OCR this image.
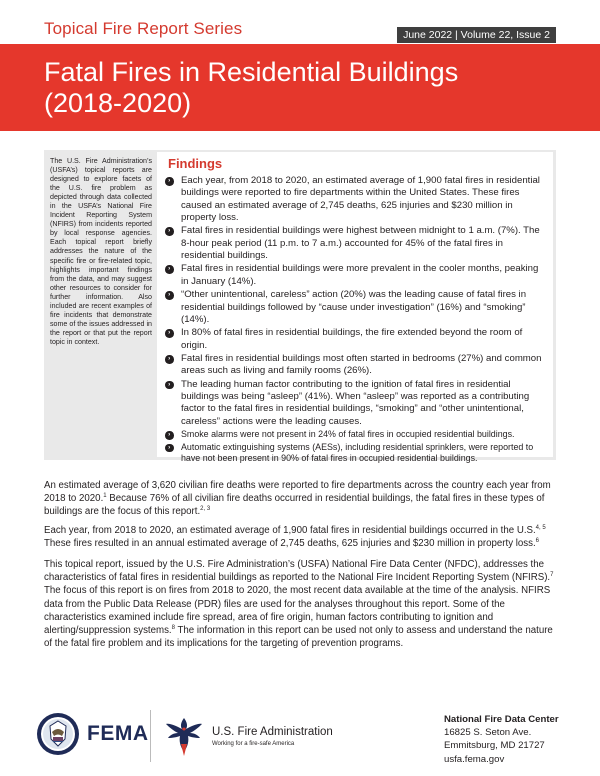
Topical Fire Report Series	June 2022 | Volume 22, Issue 2
Fatal Fires in Residential Buildings
(2018-2020)
The U.S. Fire Administration’s (USFA’s) topical reports are designed to explore facets of the U.S. fire problem as depicted through data collected in the USFA’s National Fire Incident Reporting System (NFIRS) from incidents reported by local response agencies. Each topical report briefly addresses the nature of the specific fire or fire-related topic, highlights important findings from the data, and may suggest other resources to consider for further information. Also included are recent examples of fire incidents that demonstrate some of the issues addressed in the report or that put the report topic in context.
Findings
›	Each year, from 2018 to 2020, an estimated average of 1,900 fatal fires in residential buildings were reported to fire departments within the United States. These fires caused an estimated average of 2,745 deaths, 625 injuries and $230 million in property loss.
›	Fatal fires in residential buildings were highest between midnight to 1 a.m. (7%). The 8-hour peak period (11 p.m. to 7 a.m.) accounted for 45% of the fatal fires in residential buildings.
›	Fatal fires in residential buildings were more prevalent in the cooler months, peaking in January (14%).
›	“Other unintentional, careless” action (20%) was the leading cause of fatal fires in residential buildings followed by “cause under investigation” (16%) and “smoking” (14%).
›	In 80% of fatal fires in residential buildings, the fire extended beyond the room of origin.
›	Fatal fires in residential buildings most often started in bedrooms (27%) and common areas such as living and family rooms (26%).
›	The leading human factor contributing to the ignition of fatal fires in residential buildings was being “asleep” (41%). When “asleep” was reported as a contributing factor to the fatal fires in residential buildings, “smoking” and “other unintentional, careless” actions were the leading causes.
›	Smoke alarms were not present in 24% of fatal fires in occupied residential buildings.
›	Automatic extinguishing systems (AESs), including residential sprinklers, were reported to have not been present in 90% of fatal fires in occupied residential buildings.

An estimated average of 3,620 civilian fire deaths were reported to fire departments across the country each year from 2018 to 2020.$^1$ Because 76% of all civilian fire deaths occurred in residential buildings, the fatal fires in these types of buildings are the focus of this report.$^{2, 3}$

Each year, from 2018 to 2020, an estimated average of 1,900 fatal fires in residential buildings occurred in the U.S.$^{4, 5}$ These fires resulted in an annual estimated average of 2,745 deaths, 625 injuries and $230 million in property loss.$^6$

This topical report, issued by the U.S. Fire Administration’s (USFA) National Fire Data Center (NFDC), addresses the characteristics of fatal fires in residential buildings as reported to the National Fire Incident Reporting System (NFIRS).$^7$ The focus of this report is on fires from 2018 to 2020, the most recent data available at the time of the analysis. NFIRS data from the Public Data Release (PDR) files are used for the analyses throughout this report. Some of the characteristics examined include fire spread, area of fire origin, human factors contributing to ignition and alerting/suppression systems.$^8$ The information in this report can be used not only to assess and understand the nature of the fatal fire problem and its implications for the targeting of prevention programs.

FEMA	U.S. Fire Administration
Working for a fire-safe America
National Fire Data Center
16825 S. Seton Ave.
Emmitsburg, MD 21727
usfa.fema.gov
